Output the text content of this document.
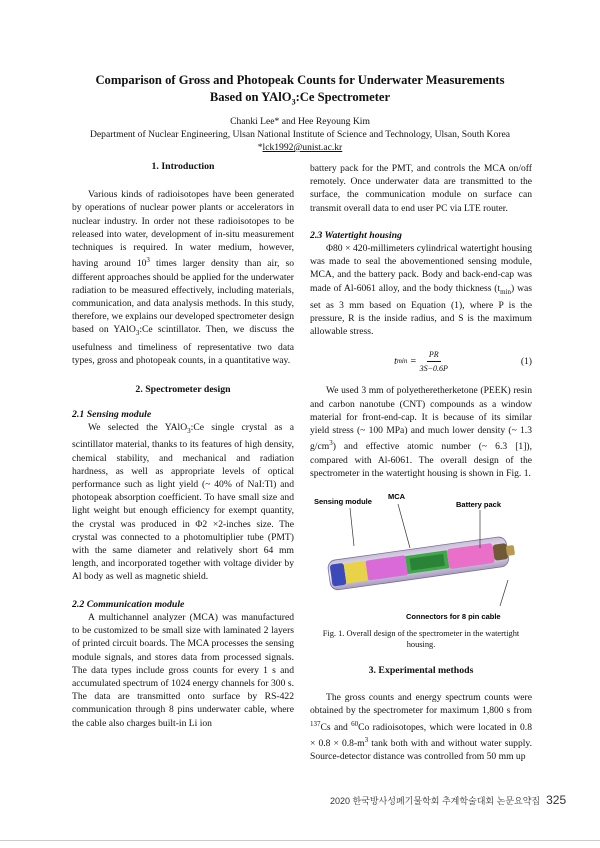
Comparison of Gross and Photopeak Counts for Underwater Measurements
Based on YAlO$_3$:Ce Spectrometer
Chanki Lee* and Hee Reyoung Kim
Department of Nuclear Engineering, Ulsan National Institute of Science and Technology, Ulsan, South Korea
*lck1992@unist.ac.kr
1. Introduction

Various kinds of radioisotopes have been generated by operations of nuclear power plants or accelerators in nuclear industry. In order not these radioisotopes to be released into water, development of in-situ measurement techniques is required. In water medium, however, having around $10^3$ times larger density than air, so different approaches should be applied for the underwater radiation to be measured effectively, including materials, communication, and data analysis methods. In this study, therefore, we explains our developed spectrometer design based on YAlO$_3$:Ce scintillator. Then, we discuss the usefulness and timeliness of representative two data types, gross and photopeak counts, in a quantitative way.

2. Spectrometer design
2.1 Sensing module

We selected the YAlO$_3$:Ce single crystal as a scintillator material, thanks to its features of high density, chemical stability, and mechanical and radiation hardness, as well as appropriate levels of optical performance such as light yield (~ 40% of NaI:Tl) and photopeak absorption coefficient. To have small size and light weight but enough efficiency for exempt quantity, the crystal was produced in Φ2 ×2-inches size. The crystal was connected to a photomultiplier tube (PMT) with the same diameter and relatively short 64 mm length, and incorporated together with voltage divider by Al body as well as magnetic shield.

2.2 Communication module

A multichannel analyzer (MCA) was manufactured to be customized to be small size with laminated 2 layers of printed circuit boards. The MCA processes the sensing module signals, and stores data from processed signals. The data types include gross counts for every 1 s and accumulated spectrum of 1024 energy channels for 300 s. The data are transmitted onto surface by RS-422 communication through 8 pins underwater cable, where the cable also charges built-in Li ion

battery pack for the PMT, and controls the MCA on/off remotely. Once underwater data are transmitted to the surface, the communication module on surface can transmit overall data to end user PC via LTE router.

2.3 Watertight housing

Φ80 × 420-millimeters cylindrical watertight housing was made to seal the abovementioned sensing module, MCA, and the battery pack. Body and back-end-cap was made of Al-6061 alloy, and the body thickness $(t_{min})$ was set as 3 mm based on Equation (1), where P is the pressure, R is the inside radius, and S is the maximum allowable stress.

t $\min = \frac{PR}{3S-0.6P}$	(1)

We used 3 mm of polyetheretherketone (PEEK) resin and carbon nanotube (CNT) compounds as a window material for front-end-cap. It is because of its similar yield stress (~ 100 MPa) and much lower density (~ 1.3 $g/cm^3$) and effective atomic number (~ 6.3 [1]), compared with Al-6061. The overall design of the spectrometer in the watertight housing is shown in Fig. 1.

Sensing module
MCA
Battery pack
Connectors for 8 pin cable
Fig. 1. Overall design of the spectrometer in the watertight housing.
3. Experimental methods

The gross counts and energy spectrum counts were obtained by the spectrometer for maximum 1,800 s from $^{137}$Cs and $^{60}$Co radioisotopes, which were located in $0.8 \times 0.8 \times 0.8-m^3$ tank both with and without water supply. Source-detector distance was controlled from 50 mm up

2020 한국방사성폐기물학회 추계학술대회 논문요약집 325
